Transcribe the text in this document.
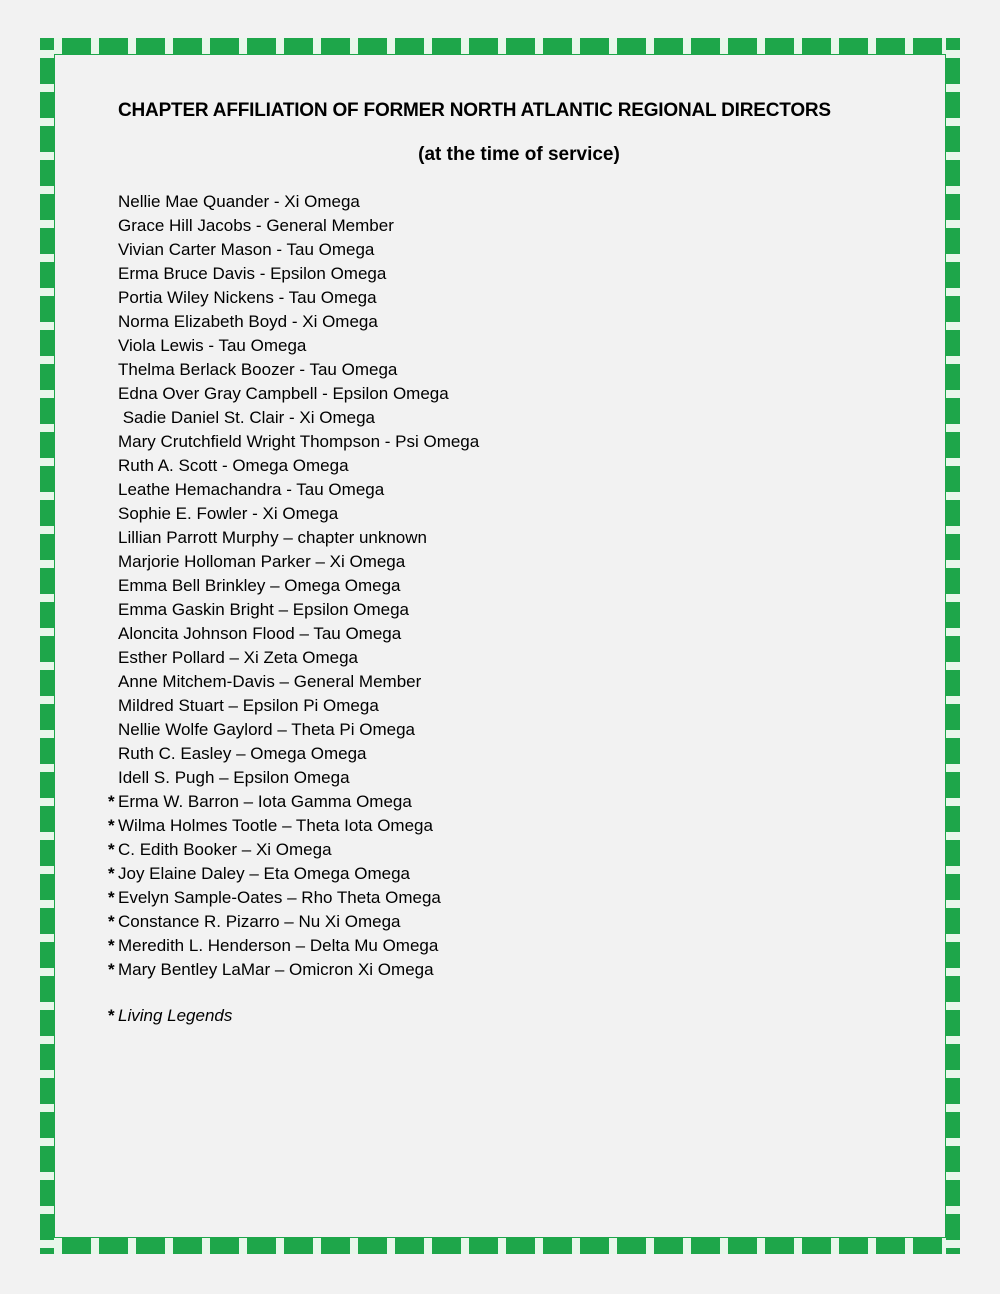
CHAPTER AFFILIATION OF FORMER NORTH ATLANTIC REGIONAL DIRECTORS
(at the time of service)
Nellie Mae Quander - Xi Omega
Grace Hill Jacobs - General Member
Vivian Carter Mason - Tau Omega
Erma Bruce Davis - Epsilon Omega
Portia Wiley Nickens - Tau Omega
Norma Elizabeth Boyd - Xi Omega
Viola Lewis - Tau Omega
Thelma Berlack Boozer - Tau Omega
Edna Over Gray Campbell - Epsilon Omega
Sadie Daniel St. Clair - Xi Omega
Mary Crutchfield Wright Thompson - Psi Omega
Ruth A. Scott - Omega Omega
Leathe Hemachandra - Tau Omega
Sophie E. Fowler - Xi Omega
Lillian Parrott Murphy – chapter unknown
Marjorie Holloman Parker – Xi Omega
Emma Bell Brinkley – Omega Omega
Emma Gaskin Bright – Epsilon Omega
Aloncita Johnson Flood – Tau Omega
Esther Pollard – Xi Zeta Omega
Anne Mitchem-Davis – General Member
Mildred Stuart – Epsilon Pi Omega
Nellie Wolfe Gaylord – Theta Pi Omega
Ruth C. Easley – Omega Omega
Idell S. Pugh – Epsilon Omega
* Erma W. Barron – Iota Gamma Omega
* Wilma Holmes Tootle – Theta Iota Omega
* C. Edith Booker – Xi Omega
* Joy Elaine Daley – Eta Omega Omega
* Evelyn Sample-Oates – Rho Theta Omega
* Constance R. Pizarro – Nu Xi Omega
* Meredith L. Henderson – Delta Mu Omega
* Mary Bentley LaMar – Omicron Xi Omega
* Living Legends
